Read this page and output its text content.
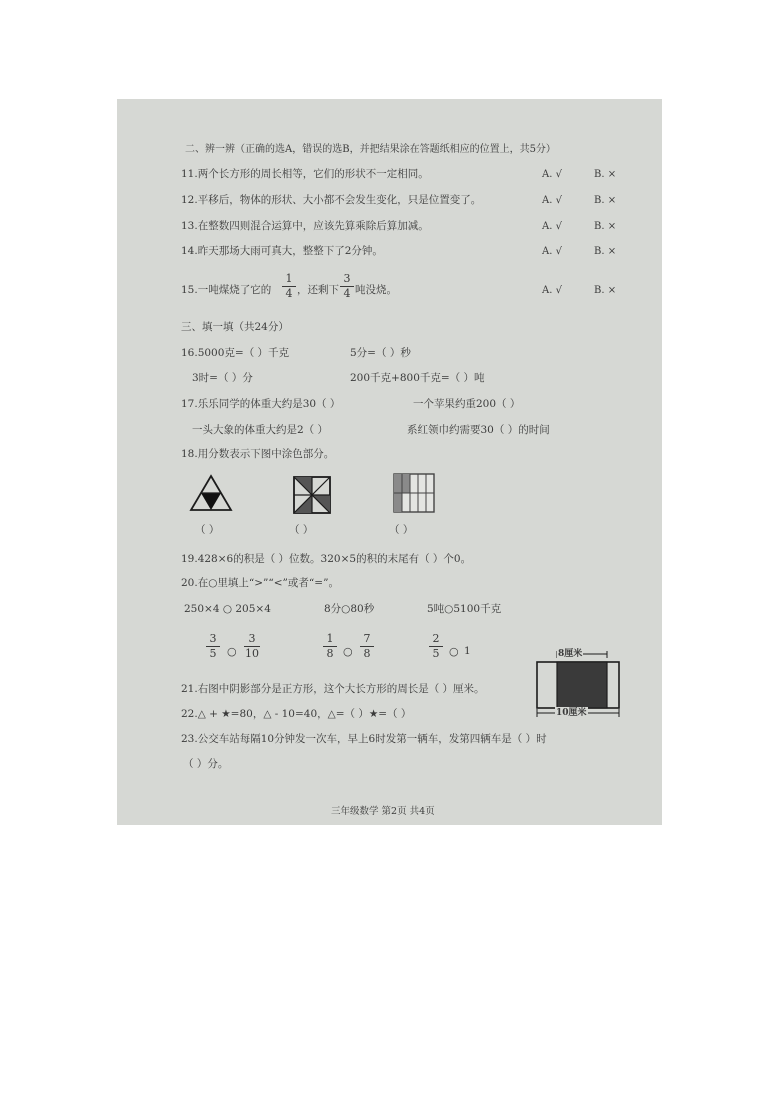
二、辨一辨（正确的选A，错误的选B，并把结果涂在答题纸相应的位置上，共5分）
11.两个长方形的周长相等，它们的形状不一定相同。	A. √	B. ×
12.平移后，物体的形状、大小都不会发生变化，只是位置变了。	A. √	B. ×
13.在整数四则混合运算中，应该先算乘除后算加减。	A. √	B. ×
14.昨天那场大雨可真大，整整下了2分钟。	A. √	B. ×
15.一吨煤烧了它的
1
4 ，还剩下
3
4 吨没烧。	A. √	B. ×
三、填一填（共24分）
16.5000克=（ ）千克	5分=（ ）秒
3时=（ ）分	200千克+800千克=（ ）吨
17.乐乐同学的体重大约是30（ ）	一个苹果约重200（ ）
一头大象的体重大约是2（ ）	系红领巾约需要30（ ）的时间
18.用分数表示下图中涂色部分。
（ ）	（ ）	（ ）
19.428×6的积是（ ）位数。320×5的积的末尾有（ ）个0。
20.在○里填上“>”“<”或者“=”。
250×4 ○ 205×4	8分○80秒	5吨○5100千克
3
5 ○
3
10
1
8 ○
7
8
2
5 ○ 1	8厘米
10厘米
21.右图中阴影部分是正方形，这个大长方形的周长是（ ）厘米。
22.△ + ★=80，△ - 10=40，△=（ ）★=（ ）
23.公交车站每隔10分钟发一次车，早上6时发第一辆车，发第四辆车是（ ）时
（ ）分。
三年级数学 第2页 共4页
